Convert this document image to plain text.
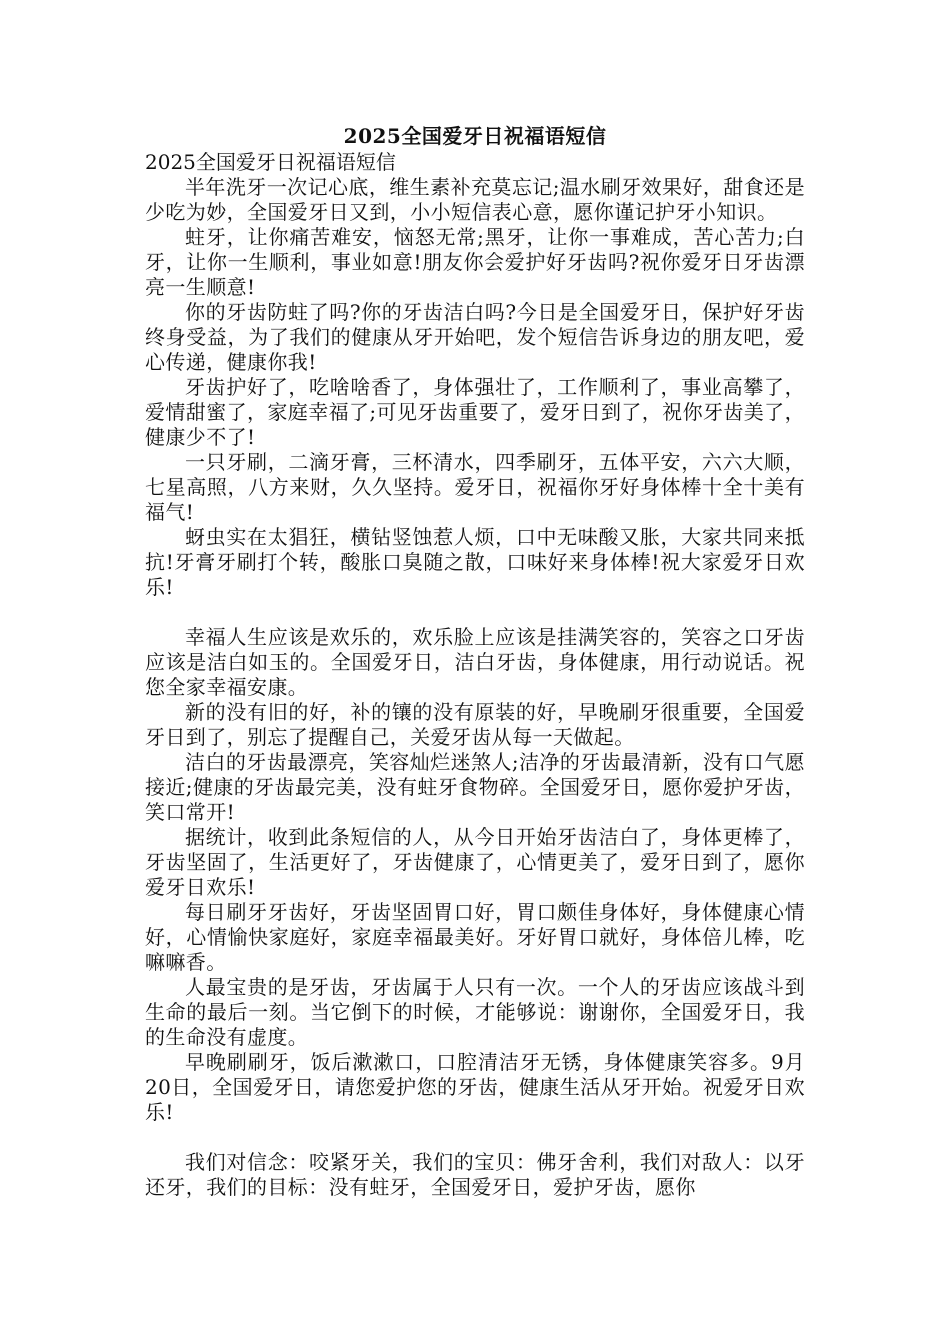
2025全国爱牙日祝福语短信

2025全国爱牙日祝福语短信

半年洗牙一次记心底，维生素补充莫忘记;温水刷牙效果好，甜食还是少吃为妙，全国爱牙日又到，小小短信表心意，愿你谨记护牙小知识。

蛀牙，让你痛苦难安，恼怒无常;黑牙，让你一事难成，苦心苦力;白牙，让你一生顺利，事业如意!朋友你会爱护好牙齿吗?祝你爱牙日牙齿漂亮一生顺意!

你的牙齿防蛀了吗?你的牙齿洁白吗?今日是全国爱牙日，保护好牙齿终身受益，为了我们的健康从牙开始吧，发个短信告诉身边的朋友吧，爱心传递，健康你我!

牙齿护好了，吃啥啥香了，身体强壮了，工作顺利了，事业高攀了，爱情甜蜜了，家庭幸福了;可见牙齿重要了，爱牙日到了，祝你牙齿美了，健康少不了!

一只牙刷，二滴牙膏，三杯清水，四季刷牙，五体平安，六六大顺，七星高照，八方来财，久久坚持。爱牙日，祝福你牙好身体棒十全十美有福气!

蚜虫实在太猖狂，横钻竖蚀惹人烦，口中无味酸又胀，大家共同来抵抗!牙膏牙刷打个转，酸胀口臭随之散，口味好来身体棒!祝大家爱牙日欢乐!

幸福人生应该是欢乐的，欢乐脸上应该是挂满笑容的，笑容之口牙齿应该是洁白如玉的。全国爱牙日，洁白牙齿，身体健康，用行动说话。祝您全家幸福安康。

新的没有旧的好，补的镶的没有原装的好，早晚刷牙很重要，全国爱牙日到了，别忘了提醒自己，关爱牙齿从每一天做起。

洁白的牙齿最漂亮，笑容灿烂迷煞人;洁净的牙齿最清新，没有口气愿接近;健康的牙齿最完美，没有蛀牙食物碎。全国爱牙日，愿你爱护牙齿，笑口常开!

据统计，收到此条短信的人，从今日开始牙齿洁白了，身体更棒了，牙齿坚固了，生活更好了，牙齿健康了，心情更美了，爱牙日到了，愿你爱牙日欢乐!

每日刷牙牙齿好，牙齿坚固胃口好，胃口颇佳身体好，身体健康心情好，心情愉快家庭好，家庭幸福最美好。牙好胃口就好，身体倍儿棒，吃嘛嘛香。

人最宝贵的是牙齿，牙齿属于人只有一次。一个人的牙齿应该战斗到生命的最后一刻。当它倒下的时候，才能够说：谢谢你，全国爱牙日，我的生命没有虚度。

早晚刷刷牙，饭后漱漱口，口腔清洁牙无锈，身体健康笑容多。9月20日，全国爱牙日，请您爱护您的牙齿，健康生活从牙开始。祝爱牙日欢乐!

我们对信念：咬紧牙关，我们的宝贝：佛牙舍利，我们对敌人：以牙还牙，我们的目标：没有蛀牙，全国爱牙日，爱护牙齿，愿你
